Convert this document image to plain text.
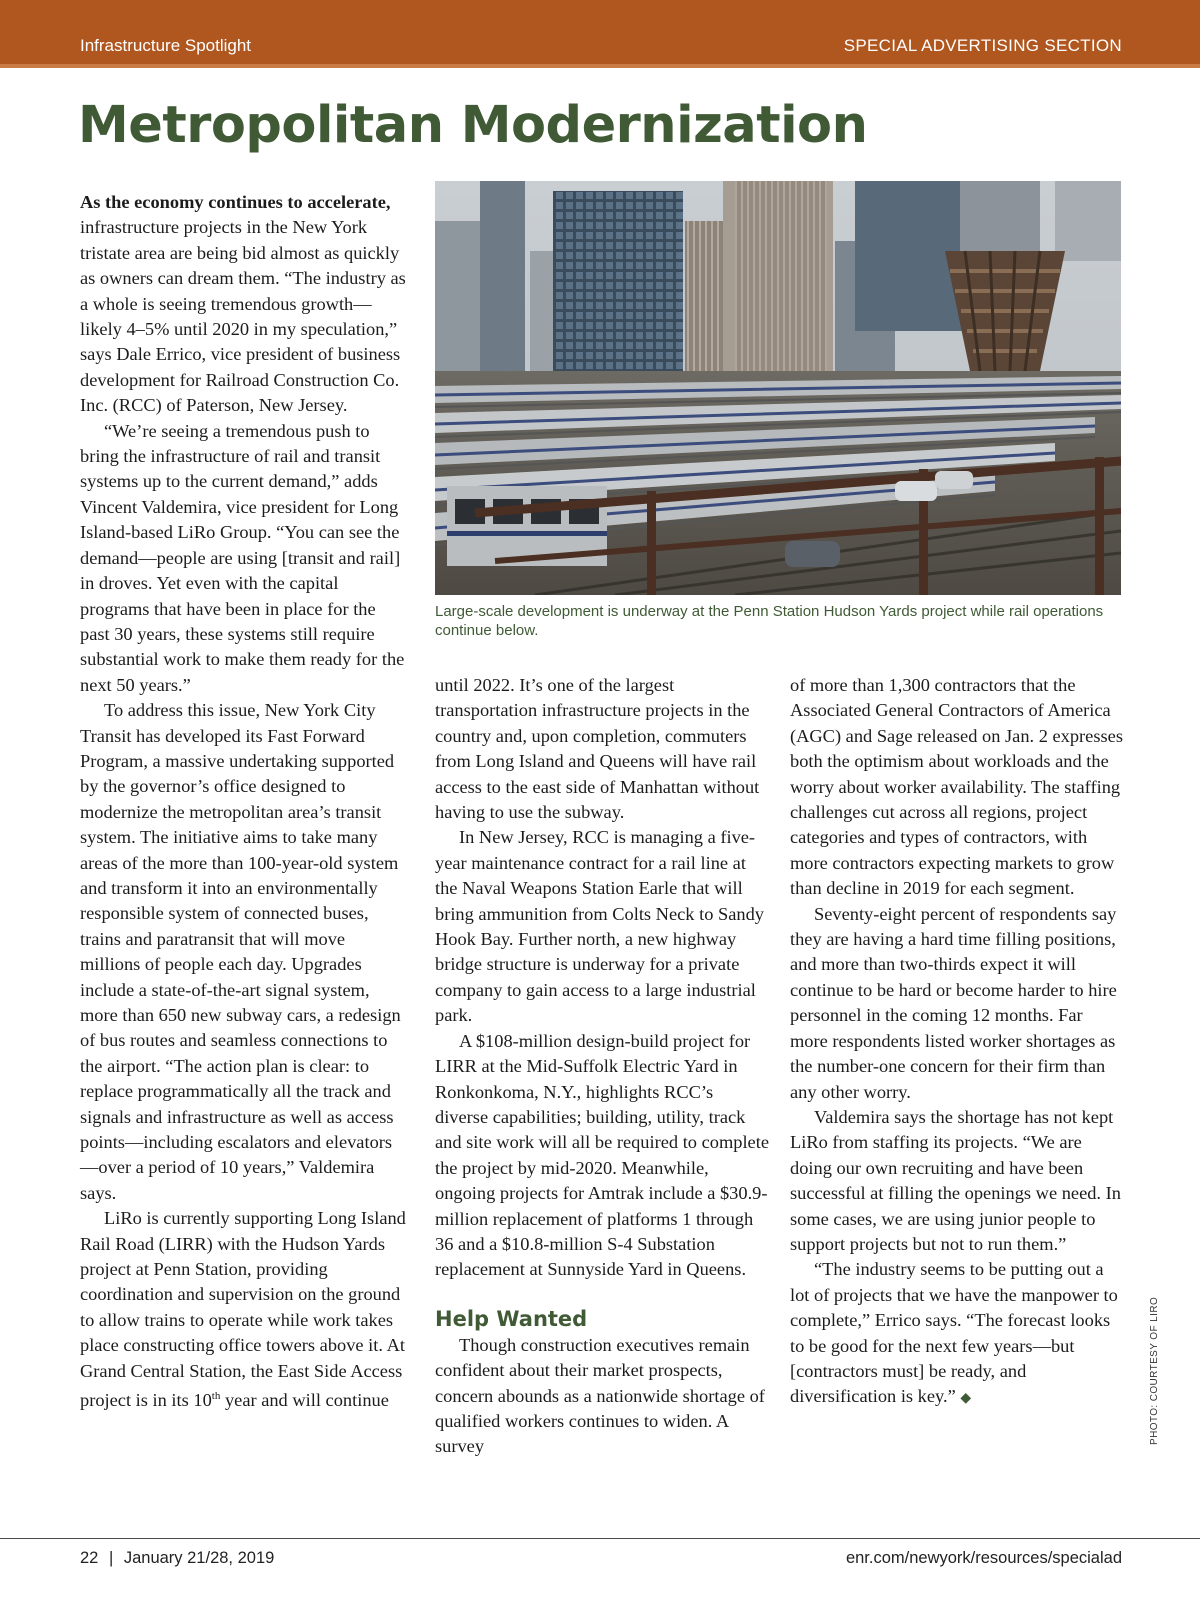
Infrastructure Spotlight	SPECIAL ADVERTISING SECTION
Metropolitan Modernization

As the economy continues to accelerate, infrastructure projects in the New York tristate area are being bid almost as quickly as owners can dream them. “The industry as a whole is seeing tremendous growth—likely 4–5% until 2020 in my speculation,” says Dale Errico, vice president of business development for Railroad Construction Co. Inc. (RCC) of Paterson, New Jersey.

“We’re seeing a tremendous push to bring the infrastructure of rail and transit systems up to the current demand,” adds Vincent Valdemira, vice president for Long Island-based LiRo Group. “You can see the demand—people are using [transit and rail] in droves. Yet even with the capital programs that have been in place for the past 30 years, these systems still require substantial work to make them ready for the next 50 years.”

To address this issue, New York City Transit has developed its Fast Forward Program, a massive undertaking supported by the governor’s office designed to modernize the metropolitan area’s transit system. The initiative aims to take many areas of the more than 100-year-old system and transform it into an environmentally responsible system of connected buses, trains and paratransit that will move millions of people each day. Upgrades include a state-of-the-art signal system, more than 650 new subway cars, a redesign of bus routes and seamless connections to the airport. “The action plan is clear: to replace programmatically all the track and signals and infrastructure as well as access points—including escalators and elevators—over a period of 10 years,” Valdemira says.

LiRo is currently supporting Long Island Rail Road (LIRR) with the Hudson Yards project at Penn Station, providing coordination and supervision on the ground to allow trains to operate while work takes place constructing office towers above it. At Grand Central Station, the East Side Access project is in its 10th year and will continue

Large-scale development is underway at the Penn Station Hudson Yards project while rail operations continue below.

until 2022. It’s one of the largest transportation infrastructure projects in the country and, upon completion, commuters from Long Island and Queens will have rail access to the east side of Manhattan without having to use the subway.

In New Jersey, RCC is managing a five-year maintenance contract for a rail line at the Naval Weapons Station Earle that will bring ammunition from Colts Neck to Sandy Hook Bay. Further north, a new highway bridge structure is underway for a private company to gain access to a large industrial park.

A $108-million design-build project for LIRR at the Mid-Suffolk Electric Yard in Ronkonkoma, N.Y., highlights RCC’s diverse capabilities; building, utility, track and site work will all be required to complete the project by mid-2020. Meanwhile, ongoing projects for Amtrak include a $30.9-million replacement of platforms 1 through 36 and a $10.8-million S-4 Substation replacement at Sunnyside Yard in Queens.

Help Wanted

Though construction executives remain confident about their market prospects, concern abounds as a nationwide shortage of qualified workers continues to widen. A survey

of more than 1,300 contractors that the Associated General Contractors of America (AGC) and Sage released on Jan. 2 expresses both the optimism about workloads and the worry about worker availability. The staffing challenges cut across all regions, project categories and types of contractors, with more contractors expecting markets to grow than decline in 2019 for each segment.

Seventy-eight percent of respondents say they are having a hard time filling positions, and more than two-thirds expect it will continue to be hard or become harder to hire personnel in the coming 12 months. Far more respondents listed worker shortages as the number-one concern for their firm than any other worry.

Valdemira says the shortage has not kept LiRo from staffing its projects. “We are doing our own recruiting and have been successful at filling the openings we need. In some cases, we are using junior people to support projects but not to run them.”

“The industry seems to be putting out a lot of projects that we have the manpower to complete,” Errico says. “The forecast looks to be good for the next few years—but [contractors must] be ready, and diversification is key.” ◆	PHOTO: COURTESY OF LIRO
22 | January 21/28, 2019	enr.com/newyork/resources/specialad
